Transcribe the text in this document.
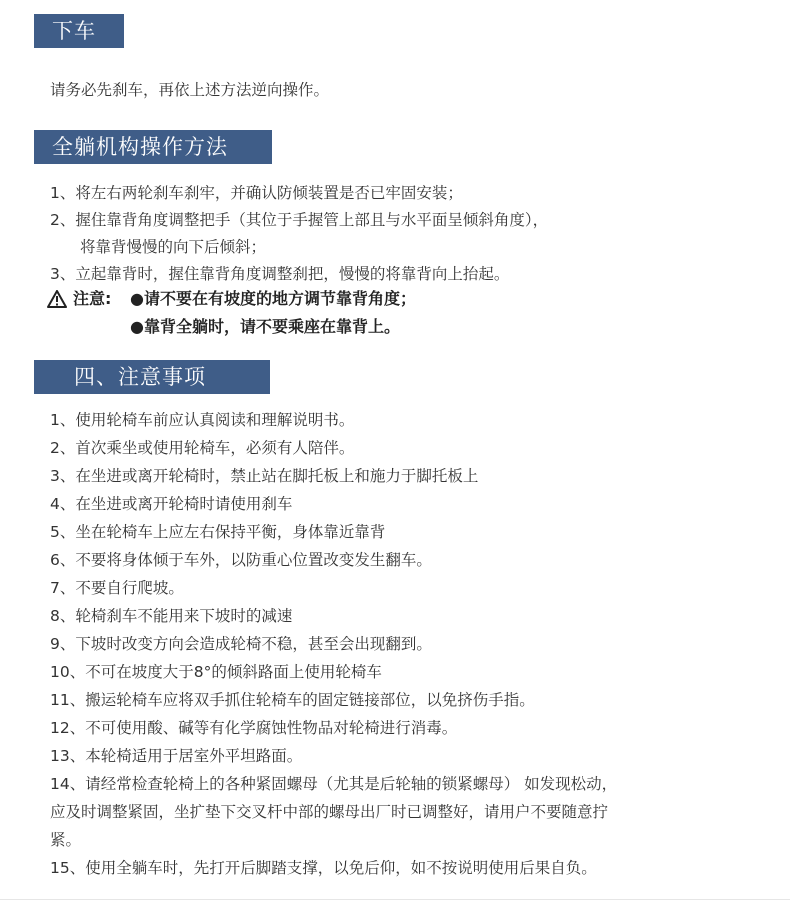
下车
请务必先刹车，再依上述方法逆向操作。
全躺机构操作方法
1、将左右两轮刹车刹牢，并确认防倾装置是否已牢固安装；
2、握住靠背角度调整把手（其位于手握管上部且与水平面呈倾斜角度），
将靠背慢慢的向下后倾斜；
3、立起靠背时，握住靠背角度调整刹把，慢慢的将靠背向上抬起。
注意: ●请不要在有坡度的地方调节靠背角度；
●靠背全躺时，请不要乘座在靠背上。
四、注意事项
1、使用轮椅车前应认真阅读和理解说明书。
2、首次乘坐或使用轮椅车，必须有人陪伴。
3、在坐进或离开轮椅时，禁止站在脚托板上和施力于脚托板上
4、在坐进或离开轮椅时请使用刹车
5、坐在轮椅车上应左右保持平衡，身体靠近靠背
6、不要将身体倾于车外，以防重心位置改变发生翻车。
7、不要自行爬坡。
8、轮椅刹车不能用来下坡时的减速
9、下坡时改变方向会造成轮椅不稳，甚至会出现翻到。
10、不可在坡度大于8°的倾斜路面上使用轮椅车
11、搬运轮椅车应将双手抓住轮椅车的固定链接部位，以免挤伤手指。
12、不可使用酸、碱等有化学腐蚀性物品对轮椅进行消毒。
13、本轮椅适用于居室外平坦路面。
14、请经常检查轮椅上的各种紧固螺母（尤其是后轮轴的锁紧螺母） 如发现松动，
应及时调整紧固，坐扩垫下交叉杆中部的螺母出厂时已调整好，请用户不要随意拧
紧。
15、使用全躺车时，先打开后脚踏支撑，以免后仰，如不按说明使用后果自负。
